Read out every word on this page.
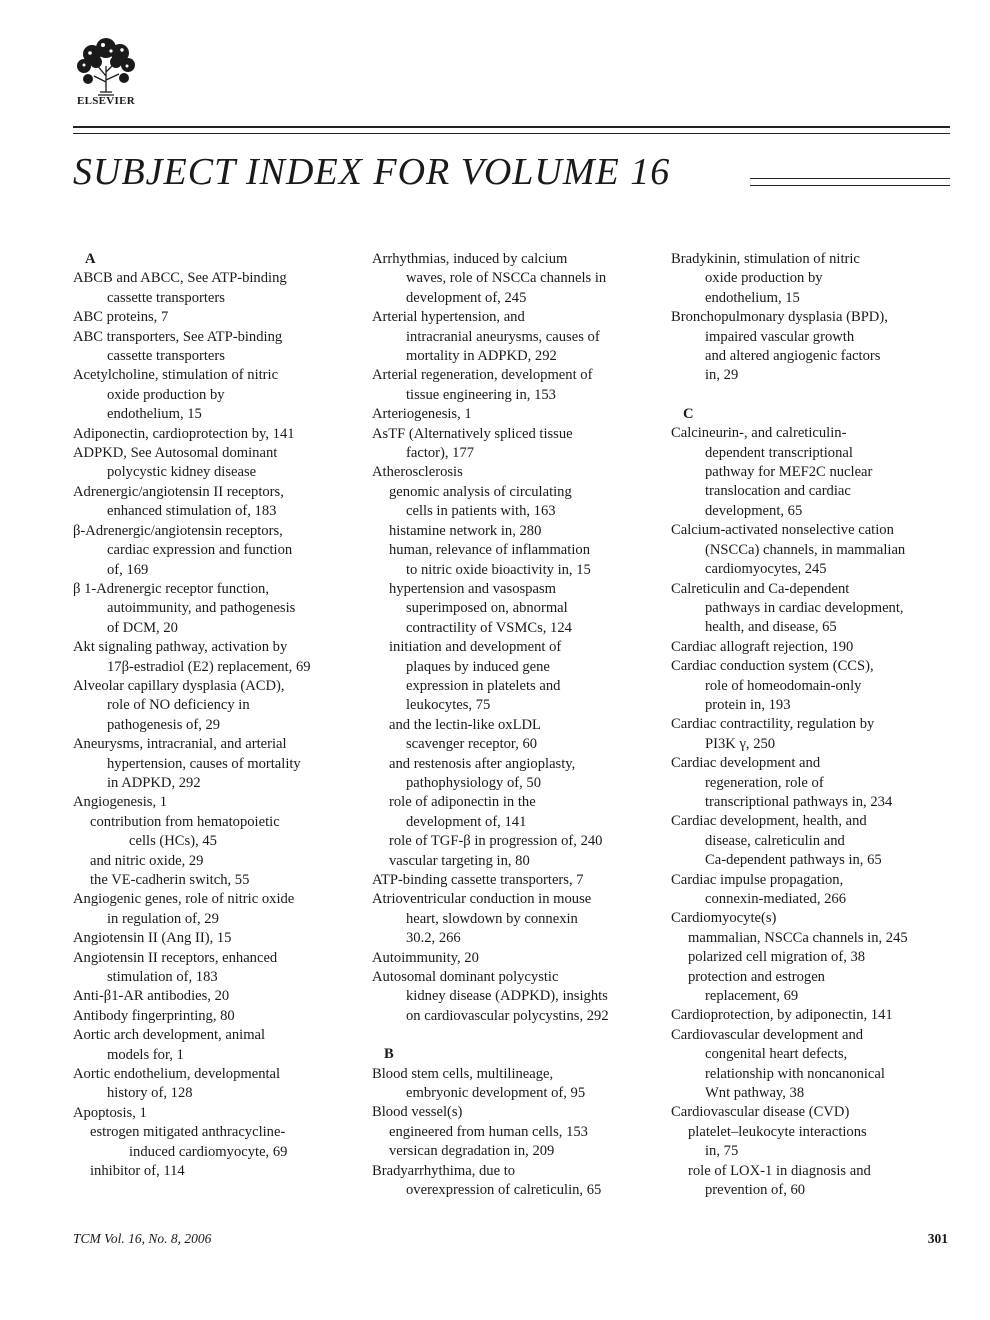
ELSEVIER
SUBJECT INDEX FOR VOLUME 16
A
ABCB and ABCC, See ATP-binding
cassette transporters
ABC proteins, 7
ABC transporters, See ATP-binding
cassette transporters
Acetylcholine, stimulation of nitric
oxide production by
endothelium, 15
Adiponectin, cardioprotection by, 141
ADPKD, See Autosomal dominant
polycystic kidney disease
Adrenergic/angiotensin II receptors,
enhanced stimulation of, 183
β-Adrenergic/angiotensin receptors,
cardiac expression and function
of, 169
β 1-Adrenergic receptor function,
autoimmunity, and pathogenesis
of DCM, 20
Akt signaling pathway, activation by
17β-estradiol (E2) replacement, 69
Alveolar capillary dysplasia (ACD),
role of NO deficiency in
pathogenesis of, 29
Aneurysms, intracranial, and arterial
hypertension, causes of mortality
in ADPKD, 292
Angiogenesis, 1
contribution from hematopoietic
cells (HCs), 45
and nitric oxide, 29
the VE-cadherin switch, 55
Angiogenic genes, role of nitric oxide
in regulation of, 29
Angiotensin II (Ang II), 15
Angiotensin II receptors, enhanced
stimulation of, 183
Anti-β1-AR antibodies, 20
Antibody fingerprinting, 80
Aortic arch development, animal
models for, 1
Aortic endothelium, developmental
history of, 128
Apoptosis, 1
estrogen mitigated anthracycline-
induced cardiomyocyte, 69
inhibitor of, 114
Arrhythmias, induced by calcium
waves, role of NSCCa channels in
development of, 245
Arterial hypertension, and
intracranial aneurysms, causes of
mortality in ADPKD, 292
Arterial regeneration, development of
tissue engineering in, 153
Arteriogenesis, 1
AsTF (Alternatively spliced tissue
factor), 177
Atherosclerosis
genomic analysis of circulating
cells in patients with, 163
histamine network in, 280
human, relevance of inflammation
to nitric oxide bioactivity in, 15
hypertension and vasospasm
superimposed on, abnormal
contractility of VSMCs, 124
initiation and development of
plaques by induced gene
expression in platelets and
leukocytes, 75
and the lectin-like oxLDL
scavenger receptor, 60
and restenosis after angioplasty,
pathophysiology of, 50
role of adiponectin in the
development of, 141
role of TGF-β in progression of, 240
vascular targeting in, 80
ATP-binding cassette transporters, 7
Atrioventricular conduction in mouse
heart, slowdown by connexin
30.2, 266
Autoimmunity, 20
Autosomal dominant polycystic
kidney disease (ADPKD), insights
on cardiovascular polycystins, 292
B
Blood stem cells, multilineage,
embryonic development of, 95
Blood vessel(s)
engineered from human cells, 153
versican degradation in, 209
Bradyarrhythima, due to
overexpression of calreticulin, 65
Bradykinin, stimulation of nitric
oxide production by
endothelium, 15
Bronchopulmonary dysplasia (BPD),
impaired vascular growth
and altered angiogenic factors
in, 29
C
Calcineurin-, and calreticulin-
dependent transcriptional
pathway for MEF2C nuclear
translocation and cardiac
development, 65
Calcium-activated nonselective cation
(NSCCa) channels, in mammalian
cardiomyocytes, 245
Calreticulin and Ca-dependent
pathways in cardiac development,
health, and disease, 65
Cardiac allograft rejection, 190
Cardiac conduction system (CCS),
role of homeodomain-only
protein in, 193
Cardiac contractility, regulation by
PI3K γ, 250
Cardiac development and
regeneration, role of
transcriptional pathways in, 234
Cardiac development, health, and
disease, calreticulin and
Ca-dependent pathways in, 65
Cardiac impulse propagation,
connexin-mediated, 266
Cardiomyocyte(s)
mammalian, NSCCa channels in, 245
polarized cell migration of, 38
protection and estrogen
replacement, 69
Cardioprotection, by adiponectin, 141
Cardiovascular development and
congenital heart defects,
relationship with noncanonical
Wnt pathway, 38
Cardiovascular disease (CVD)
platelet–leukocyte interactions
in, 75
role of LOX-1 in diagnosis and
prevention of, 60
TCM Vol. 16, No. 8, 2006	301
